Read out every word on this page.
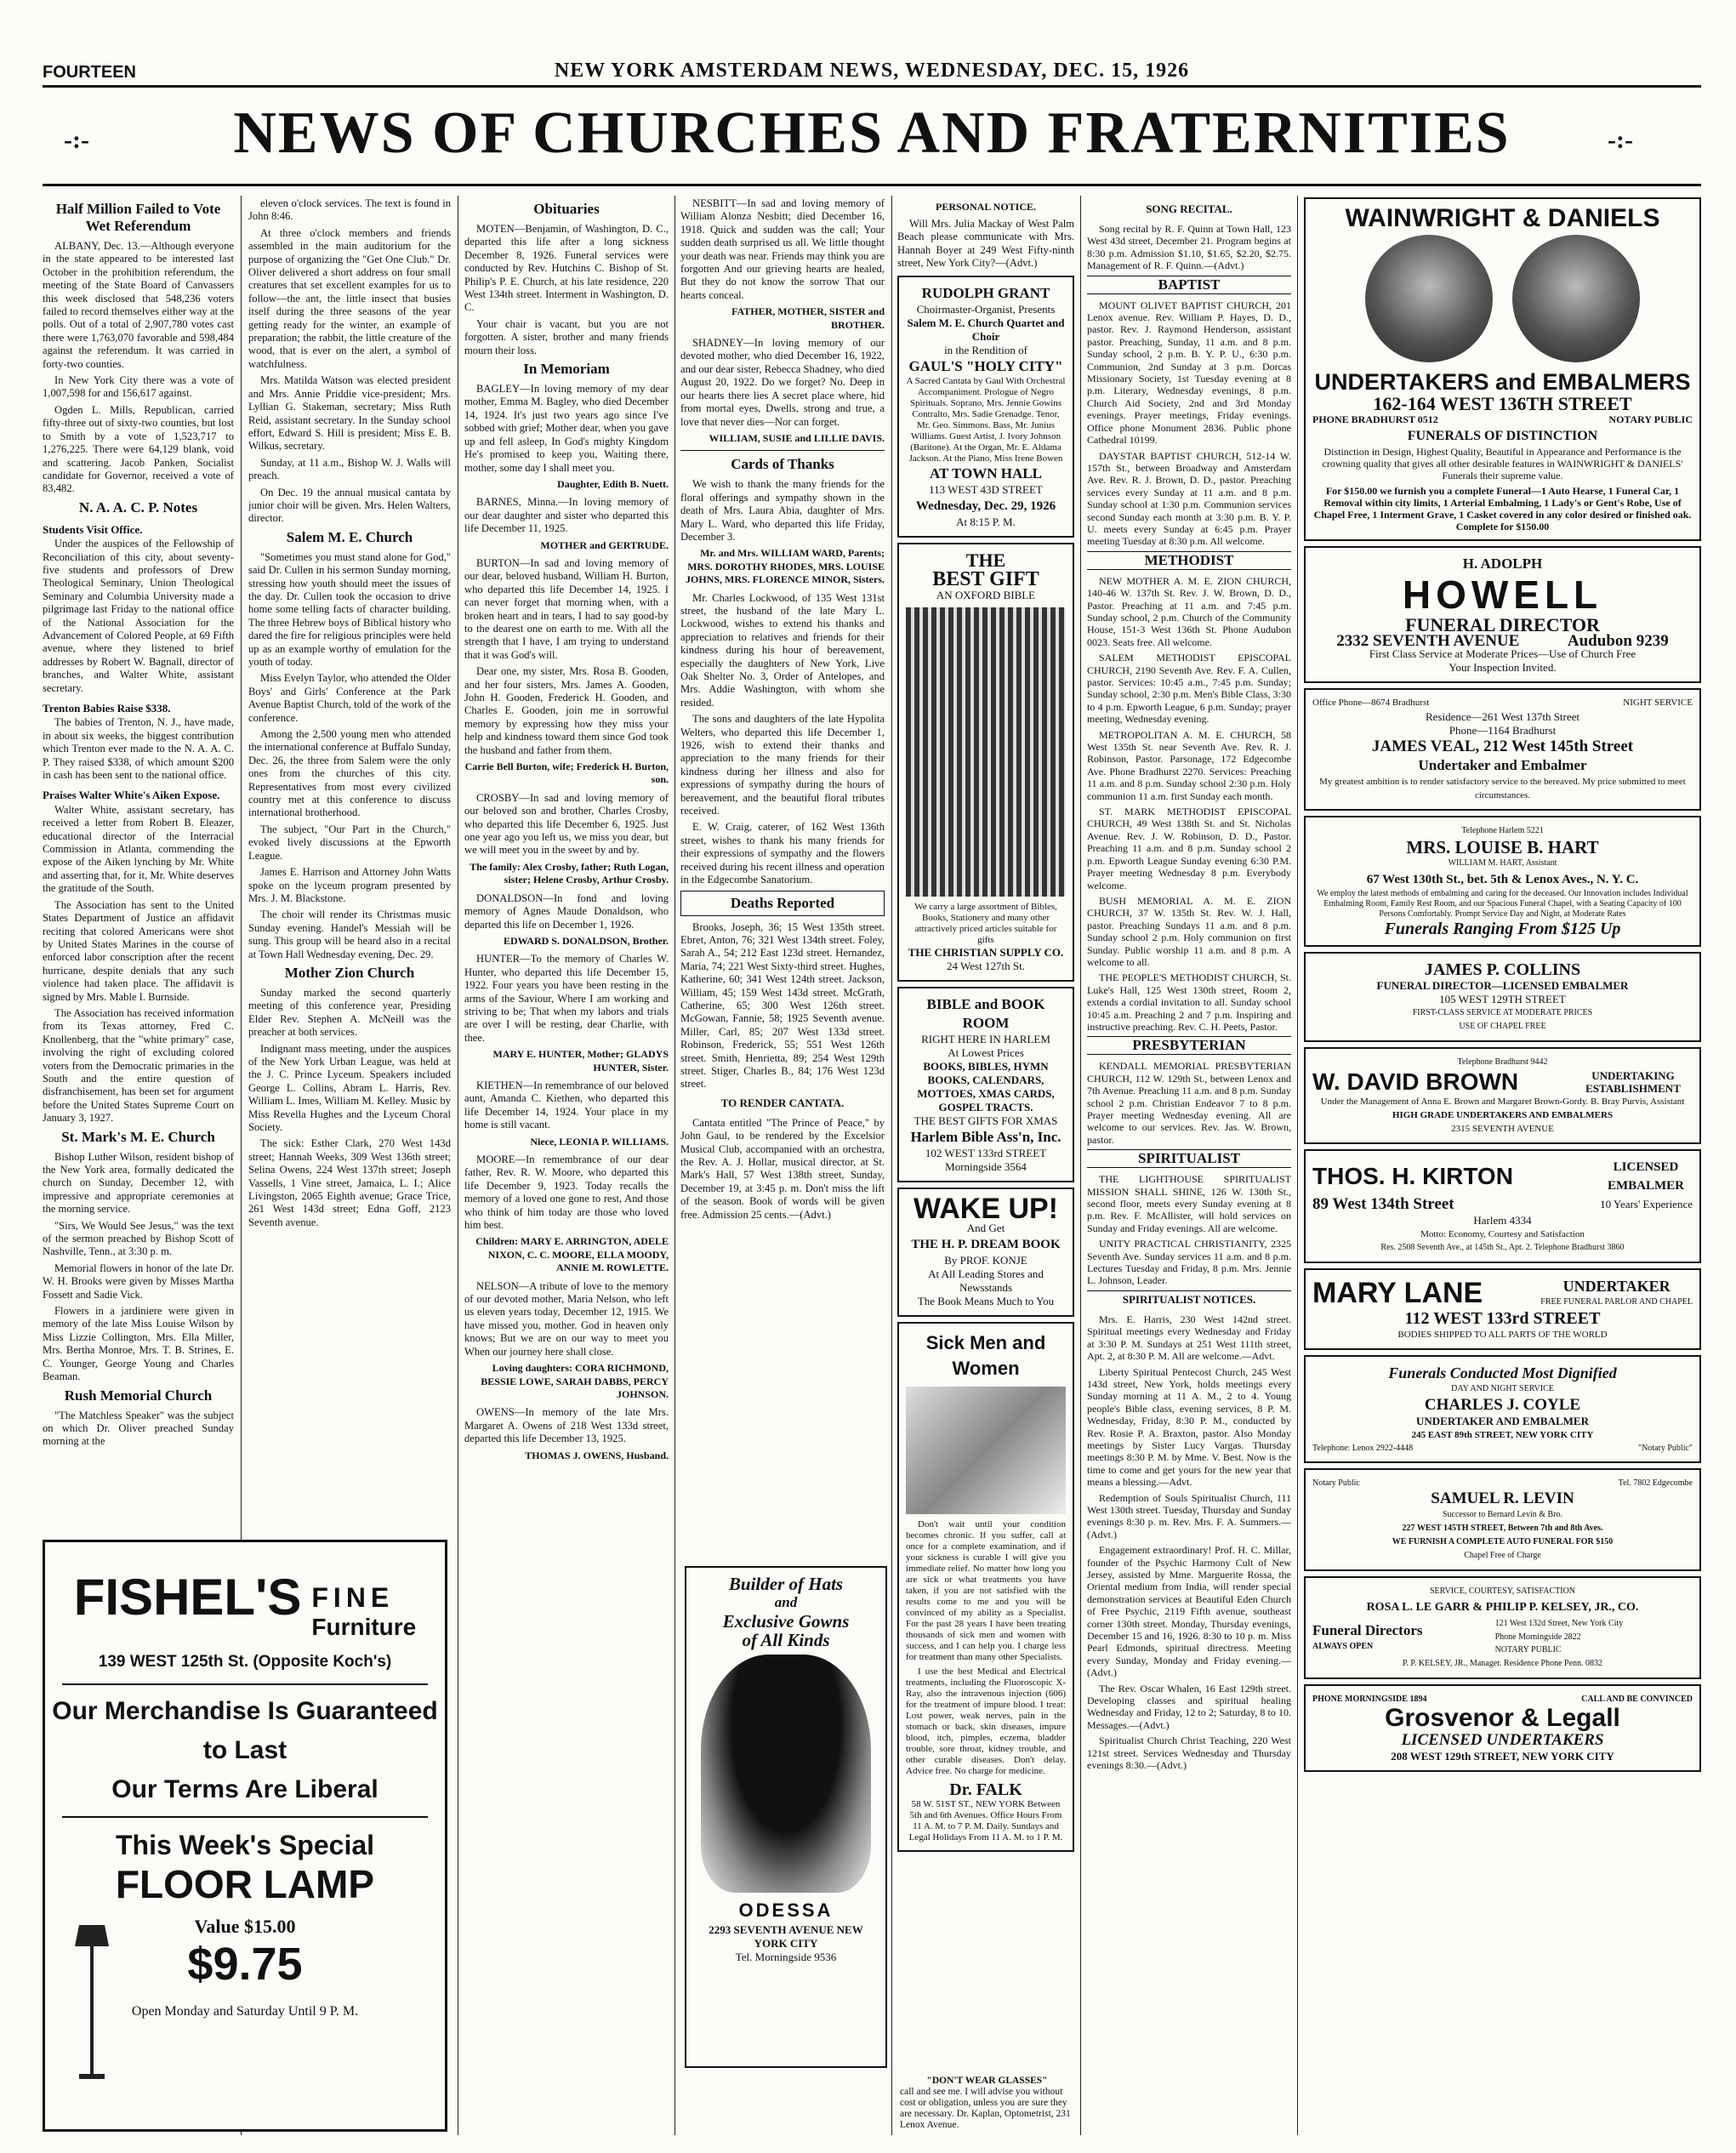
FOURTEEN	NEW YORK AMSTERDAM NEWS, WEDNESDAY, DEC. 15, 1926
-:-	NEWS OF CHURCHES AND FRATERNITIES	-:-
Half Million Failed to Vote Wet Referendum

ALBANY, Dec. 13.—Although everyone in the state appeared to be interested last October in the prohibition referendum, the meeting of the State Board of Canvassers this week disclosed that 548,236 voters failed to record themselves either way at the polls. Out of a total of 2,907,780 votes cast there were 1,763,070 favorable and 598,484 against the referendum. It was carried in forty-two counties.

In New York City there was a vote of 1,007,598 for and 156,617 against.

Ogden L. Mills, Republican, carried fifty-three out of sixty-two counties, but lost to Smith by a vote of 1,523,717 to 1,276,225. There were 64,129 blank, void and scattering. Jacob Panken, Socialist candidate for Governor, received a vote of 83,482.

N. A. A. C. P. Notes
Students Visit Office.

Under the auspices of the Fellowship of Reconciliation of this city, about seventy-five students and professors of Drew Theological Seminary, Union Theological Seminary and Columbia University made a pilgrimage last Friday to the national office of the National Association for the Advancement of Colored People, at 69 Fifth avenue, where they listened to brief addresses by Robert W. Bagnall, director of branches, and Walter White, assistant secretary.

Trenton Babies Raise $338.

The babies of Trenton, N. J., have made, in about six weeks, the biggest contribution which Trenton ever made to the N. A. A. C. P. They raised $338, of which amount $200 in cash has been sent to the national office.

Praises Walter White's Aiken Expose.

Walter White, assistant secretary, has received a letter from Robert B. Eleazer, educational director of the Interracial Commission in Atlanta, commending the expose of the Aiken lynching by Mr. White and asserting that, for it, Mr. White deserves the gratitude of the South.

The Association has sent to the United States Department of Justice an affidavit reciting that colored Americans were shot by United States Marines in the course of enforced labor conscription after the recent hurricane, despite denials that any such violence had taken place. The affidavit is signed by Mrs. Mable I. Burnside.

The Association has received information from its Texas attorney, Fred C. Knollenberg, that the "white primary" case, involving the right of excluding colored voters from the Democratic primaries in the South and the entire question of disfranchisement, has been set for argument before the United States Supreme Court on January 3, 1927.

St. Mark's M. E. Church

Bishop Luther Wilson, resident bishop of the New York area, formally dedicated the church on Sunday, December 12, with impressive and appropriate ceremonies at the morning service.

"Sirs, We Would See Jesus," was the text of the sermon preached by Bishop Scott of Nashville, Tenn., at 3:30 p. m.

Memorial flowers in honor of the late Dr. W. H. Brooks were given by Misses Martha Fossett and Sadie Vick.

Flowers in a jardiniere were given in memory of the late Miss Louise Wilson by Miss Lizzie Collington, Mrs. Ella Miller, Mrs. Bertha Monroe, Mrs. T. B. Strines, E. C. Younger, George Young and Charles Beaman.

Rush Memorial Church

"The Matchless Speaker" was the subject on which Dr. Oliver preached Sunday morning at the

eleven o'clock services. The text is found in John 8:46.

At three o'clock members and friends assembled in the main auditorium for the purpose of organizing the "Get One Club." Dr. Oliver delivered a short address on four small creatures that set excellent examples for us to follow—the ant, the little insect that busies itself during the three seasons of the year getting ready for the winter, an example of preparation; the rabbit, the little creature of the wood, that is ever on the alert, a symbol of watchfulness.

Mrs. Matilda Watson was elected president and Mrs. Annie Priddie vice-president; Mrs. Lyllian G. Stakeman, secretary; Miss Ruth Reid, assistant secretary. In the Sunday school effort, Edward S. Hill is president; Miss E. B. Wilkus, secretary.

Sunday, at 11 a.m., Bishop W. J. Walls will preach.

On Dec. 19 the annual musical cantata by junior choir will be given. Mrs. Helen Walters, director.

Salem M. E. Church

"Sometimes you must stand alone for God," said Dr. Cullen in his sermon Sunday morning, stressing how youth should meet the issues of the day. Dr. Cullen took the occasion to drive home some telling facts of character building. The three Hebrew boys of Biblical history who dared the fire for religious principles were held up as an example worthy of emulation for the youth of today.

Miss Evelyn Taylor, who attended the Older Boys' and Girls' Conference at the Park Avenue Baptist Church, told of the work of the conference.

Among the 2,500 young men who attended the international conference at Buffalo Sunday, Dec. 26, the three from Salem were the only ones from the churches of this city. Representatives from most every civilized country met at this conference to discuss international brotherhood.

The subject, "Our Part in the Church," evoked lively discussions at the Epworth League.

James E. Harrison and Attorney John Watts spoke on the lyceum program presented by Mrs. J. M. Blackstone.

The choir will render its Christmas music Sunday evening. Handel's Messiah will be sung. This group will be heard also in a recital at Town Hall Wednesday evening, Dec. 29.

Mother Zion Church

Sunday marked the second quarterly meeting of this conference year, Presiding Elder Rev. Stephen A. McNeill was the preacher at both services.

Indignant mass meeting, under the auspices of the New York Urban League, was held at the J. C. Prince Lyceum. Speakers included George L. Collins, Abram L. Harris, Rev. William L. Imes, William M. Kelley. Music by Miss Revella Hughes and the Lyceum Choral Society.

The sick: Esther Clark, 270 West 143d street; Hannah Weeks, 309 West 136th street; Selina Owens, 224 West 137th street; Joseph Vassells, 1 Vine street, Jamaica, L. I.; Alice Livingston, 2065 Eighth avenue; Grace Trice, 261 West 143d street; Edna Goff, 2123 Seventh avenue.

FISHEL'S FINE
Furniture
139 WEST 125th St. (Opposite Koch's)
Our Merchandise Is Guaranteed
to Last
Our Terms Are Liberal
This Week's Special
FLOOR LAMP
Value $15.00
$9.75
Open Monday and Saturday Until 9 P. M.
Obituaries

MOTEN—Benjamin, of Washington, D. C., departed this life after a long sickness December 8, 1926. Funeral services were conducted by Rev. Hutchins C. Bishop of St. Philip's P. E. Church, at his late residence, 220 West 134th street. Interment in Washington, D. C.

Your chair is vacant, but you are not forgotten. A sister, brother and many friends mourn their loss.

In Memoriam

BAGLEY—In loving memory of my dear mother, Emma M. Bagley, who died December 14, 1924. It's just two years ago since I've sobbed with grief; Mother dear, when you gave up and fell asleep, In God's mighty Kingdom He's promised to keep you, Waiting there, mother, some day I shall meet you.

Daughter, Edith B. Nuett.

BARNES, Minna.—In loving memory of our dear daughter and sister who departed this life December 11, 1925.

MOTHER and GERTRUDE.

BURTON—In sad and loving memory of our dear, beloved husband, William H. Burton, who departed this life December 14, 1925. I can never forget that morning when, with a broken heart and in tears, I had to say good-by to the dearest one on earth to me. With all the strength that I have, I am trying to understand that it was God's will.

Dear one, my sister, Mrs. Rosa B. Gooden, and her four sisters, Mrs. James A. Gooden, John H. Gooden, Frederick H. Gooden, and Charles E. Gooden, join me in sorrowful memory by expressing how they miss your help and kindness toward them since God took the husband and father from them.

Carrie Bell Burton, wife; Frederick H. Burton, son.

CROSBY—In sad and loving memory of our beloved son and brother, Charles Crosby, who departed this life December 6, 1925. Just one year ago you left us, we miss you dear, but we will meet you in the sweet by and by.

The family: Alex Crosby, father; Ruth Logan, sister; Helene Crosby, Arthur Crosby.

DONALDSON—In fond and loving memory of Agnes Maude Donaldson, who departed this life on December 1, 1926.

EDWARD S. DONALDSON, Brother.

HUNTER—To the memory of Charles W. Hunter, who departed this life December 15, 1922. Four years you have been resting in the arms of the Saviour, Where I am working and striving to be; That when my labors and trials are over I will be resting, dear Charlie, with thee.

MARY E. HUNTER, Mother; GLADYS HUNTER, Sister.

KIETHEN—In remembrance of our beloved aunt, Amanda C. Kiethen, who departed this life December 14, 1924. Your place in my home is still vacant.

Niece, LEONIA P. WILLIAMS.

MOORE—In remembrance of our dear father, Rev. R. W. Moore, who departed this life December 9, 1923. Today recalls the memory of a loved one gone to rest, And those who think of him today are those who loved him best.

Children: MARY E. ARRINGTON, ADELE NIXON, C. C. MOORE, ELLA MOODY, ANNIE M. ROWLETTE.

NELSON—A tribute of love to the memory of our devoted mother, Maria Nelson, who left us eleven years today, December 12, 1915. We have missed you, mother. God in heaven only knows; But we are on our way to meet you When our journey here shall close.

Loving daughters: CORA RICHMOND, BESSIE LOWE, SARAH DABBS, PERCY JOHNSON.

OWENS—In memory of the late Mrs. Margaret A. Owens of 218 West 133d street, departed this life December 13, 1925.

THOMAS J. OWENS, Husband.

NESBITT—In sad and loving memory of William Alonza Nesbitt; died December 16, 1918. Quick and sudden was the call; Your sudden death surprised us all. We little thought your death was near. Friends may think you are forgotten And our grieving hearts are healed, But they do not know the sorrow That our hearts conceal.

FATHER, MOTHER, SISTER and BROTHER.

SHADNEY—In loving memory of our devoted mother, who died December 16, 1922, and our dear sister, Rebecca Shadney, who died August 20, 1922. Do we forget? No. Deep in our hearts there lies A secret place where, hid from mortal eyes, Dwells, strong and true, a love that never dies—Nor can forget.

WILLIAM, SUSIE and LILLIE DAVIS.
Cards of Thanks

We wish to thank the many friends for the floral offerings and sympathy shown in the death of Mrs. Laura Abia, daughter of Mrs. Mary L. Ward, who departed this life Friday, December 3.

Mr. and Mrs. WILLIAM WARD, Parents; MRS. DOROTHY RHODES, MRS. LOUISE JOHNS, MRS. FLORENCE MINOR, Sisters.

Mr. Charles Lockwood, of 135 West 131st street, the husband of the late Mary L. Lockwood, wishes to extend his thanks and appreciation to relatives and friends for their kindness during his hour of bereavement, especially the daughters of New York, Live Oak Shelter No. 3, Order of Antelopes, and Mrs. Addie Washington, with whom she resided.

The sons and daughters of the late Hypolita Welters, who departed this life December 1, 1926, wish to extend their thanks and appreciation to the many friends for their kindness during her illness and also for expressions of sympathy during the hours of bereavement, and the beautiful floral tributes received.

E. W. Craig, caterer, of 162 West 136th street, wishes to thank his many friends for their expressions of sympathy and the flowers received during his recent illness and operation in the Edgecombe Sanatorium.

Deaths Reported

Brooks, Joseph, 36; 15 West 135th street. Ebret, Anton, 76; 321 West 134th street. Foley, Sarah A., 54; 212 East 123d street. Hernandez, Maria, 74; 221 West Sixty-third street. Hughes, Katherine, 60; 341 West 124th street. Jackson, William, 45; 159 West 143d street. McGrath, Catherine, 65; 300 West 126th street. McGowan, Fannie, 58; 1925 Seventh avenue. Miller, Carl, 85; 207 West 133d street. Robinson, Frederick, 55; 551 West 126th street. Smith, Henrietta, 89; 254 West 129th street. Stiger, Charles B., 84; 176 West 123d street.

TO RENDER CANTATA.

Cantata entitled "The Prince of Peace," by John Gaul, to be rendered by the Excelsior Musical Club, accompanied with an orchestra, the Rev. A. J. Hollar, musical director, at St. Mark's Hall, 57 West 138th street, Sunday, December 19, at 3:45 p. m. Don't miss the lift of the season. Book of words will be given free. Admission 25 cents.—(Advt.)

PERSONAL NOTICE.

Will Mrs. Julia Mackay of West Palm Beach please communicate with Mrs. Hannah Boyer at 249 West Fifty-ninth street, New York City?—(Advt.)

RUDOLPH GRANT
Choirmaster-Organist, Presents
Salem M. E. Church Quartet and Choir
in the Rendition of
GAUL'S "HOLY CITY"
A Sacred Cantata by Gaul With Orchestral Accompaniment. Prologue of Negro Spirituals. Soprano, Mrs. Jennie Gowins Contralto, Mrs. Sadie Grenadge. Tenor, Mr. Geo. Simmons. Bass, Mr. Junius Williams. Guest Artist, J. Ivory Johnson (Baritone). At the Organ, Mr. E. Aldama Jackson. At the Piano, Miss Irene Bowen
AT TOWN HALL
113 WEST 43D STREET
Wednesday, Dec. 29, 1926
At 8:15 P. M.
THE
BEST GIFT
AN OXFORD BIBLE
We carry a large assortment of Bibles, Books, Stationery and many other attractively priced articles suitable for gifts
THE CHRISTIAN SUPPLY CO.
24 West 127th St.
BIBLE and BOOK ROOM
RIGHT HERE IN HARLEM
At Lowest Prices
BOOKS, BIBLES, HYMN BOOKS, CALENDARS, MOTTOES, XMAS CARDS, GOSPEL TRACTS.
THE BEST GIFTS FOR XMAS
Harlem Bible Ass'n, Inc.
102 WEST 133rd STREET
Morningside 3564
WAKE UP!
And Get
THE H. P. DREAM BOOK
By PROF. KONJE
At All Leading Stores and Newsstands
The Book Means Much to You
Sick Men and Women

Don't wait until your condition becomes chronic. If you suffer, call at once for a complete examination, and if your sickness is curable I will give you immediate relief. No matter how long you are sick or what treatments you have taken, if you are not satisfied with the results come to me and you will be convinced of my ability as a Specialist. For the past 28 years I have been treating thousands of sick men and women with success, and I can help you. I charge less for treatment than many other Specialists.

I use the best Medical and Electrical treatments, including the Fluoroscopic X-Ray, also the intravenous injection (606) for the treatment of impure blood. I treat: Lost power, weak nerves, pain in the stomach or back, skin diseases, impure blood, itch, pimples, eczema, bladder trouble, sore throat, kidney trouble, and other curable diseases. Don't delay. Advice free. No charge for medicine.

Dr. FALK
58 W. 51ST ST., NEW YORK Between 5th and 6th Avenues. Office Hours From 11 A. M. to 7 P. M. Daily. Sundays and Legal Holidays From 11 A. M. to 1 P. M.
Builder of Hats
and
Exclusive Gowns
of All Kinds
ODESSA
2293 SEVENTH AVENUE NEW YORK CITY
Tel. Morningside 9536
"DON'T WEAR GLASSES"
call and see me. I will advise you without cost or obligation, unless you are sure they are necessary. Dr. Kaplan, Optometrist, 231 Lenox Avenue.
SONG RECITAL.

Song recital by R. F. Quinn at Town Hall, 123 West 43d street, December 21. Program begins at 8:30 p.m. Admission $1.10, $1.65, $2.20, $2.75. Management of R. F. Quinn.—(Advt.)

BAPTIST

MOUNT OLIVET BAPTIST CHURCH, 201 Lenox avenue. Rev. William P. Hayes, D. D., pastor. Rev. J. Raymond Henderson, assistant pastor. Preaching, Sunday, 11 a.m. and 8 p.m. Sunday school, 2 p.m. B. Y. P. U., 6:30 p.m. Communion, 2nd Sunday at 3 p.m. Dorcas Missionary Society, 1st Tuesday evening at 8 p.m. Literary, Wednesday evenings, 8 p.m. Church Aid Society, 2nd and 3rd Monday evenings. Prayer meetings, Friday evenings. Office phone Monument 2836. Public phone Cathedral 10199.

DAYSTAR BAPTIST CHURCH, 512-14 W. 157th St., between Broadway and Amsterdam Ave. Rev. R. J. Brown, D. D., pastor. Preaching services every Sunday at 11 a.m. and 8 p.m. Sunday school at 1:30 p.m. Communion services second Sunday each month at 3:30 p.m. B. Y. P. U. meets every Sunday at 6:45 p.m. Prayer meeting Tuesday at 8:30 p.m. All welcome.

METHODIST

NEW MOTHER A. M. E. ZION CHURCH, 140-46 W. 137th St. Rev. J. W. Brown, D. D., Pastor. Preaching at 11 a.m. and 7:45 p.m. Sunday school, 2 p.m. Church of the Community House, 151-3 West 136th St. Phone Audubon 0023. Seats free. All welcome.

SALEM METHODIST EPISCOPAL CHURCH, 2190 Seventh Ave. Rev. F. A. Cullen, pastor. Services: 10:45 a.m., 7:45 p.m. Sunday; Sunday school, 2:30 p.m. Men's Bible Class, 3:30 to 4 p.m. Epworth League, 6 p.m. Sunday; prayer meeting, Wednesday evening.

METROPOLITAN A. M. E. CHURCH, 58 West 135th St. near Seventh Ave. Rev. R. J. Robinson, Pastor. Parsonage, 172 Edgecombe Ave. Phone Bradhurst 2270. Services: Preaching 11 a.m. and 8 p.m. Sunday school 2:30 p.m. Holy communion 11 a.m. first Sunday each month.

ST. MARK METHODIST EPISCOPAL CHURCH, 49 West 138th St. and St. Nicholas Avenue. Rev. J. W. Robinson, D. D., Pastor. Preaching 11 a.m. and 8 p.m. Sunday school 2 p.m. Epworth League Sunday evening 6:30 P.M. Prayer meeting Wednesday 8 p.m. Everybody welcome.

BUSH MEMORIAL A. M. E. ZION CHURCH, 37 W. 135th St. Rev. W. J. Hall, pastor. Preaching Sundays 11 a.m. and 8 p.m. Sunday school 2 p.m. Holy communion on first Sunday. Public worship 11 a.m. and 8 p.m. A welcome to all.

THE PEOPLE'S METHODIST CHURCH, St. Luke's Hall, 125 West 130th street, Room 2, extends a cordial invitation to all. Sunday school 10:45 a.m. Preaching 2 and 7 p.m. Inspiring and instructive preaching. Rev. C. H. Peets, Pastor.

PRESBYTERIAN

KENDALL MEMORIAL PRESBYTERIAN CHURCH, 112 W. 129th St., between Lenox and 7th Avenue. Preaching 11 a.m. and 8 p.m. Sunday school 2 p.m. Christian Endeavor 7 to 8 p.m. Prayer meeting Wednesday evening. All are welcome to our services. Rev. Jas. W. Brown, pastor.

SPIRITUALIST

THE LIGHTHOUSE SPIRITUALIST MISSION SHALL SHINE, 126 W. 130th St., second floor, meets every Sunday evening at 8 p.m. Rev. F. McAllister, will hold services on Sunday and Friday evenings. All are welcome.

UNITY PRACTICAL CHRISTIANITY, 2325 Seventh Ave. Sunday services 11 a.m. and 8 p.m. Lectures Tuesday and Friday, 8 p.m. Mrs. Jennie L. Johnson, Leader.

SPIRITUALIST NOTICES.

Mrs. E. Harris, 230 West 142nd street. Spiritual meetings every Wednesday and Friday at 3:30 P. M. Sundays at 251 West 111th street, Apt. 2, at 8:30 P. M. All are welcome.—Advt.

Liberty Spiritual Pentecost Church, 245 West 143d street, New York, holds meetings every Sunday morning at 11 A. M., 2 to 4. Young people's Bible class, evening services, 8 P. M. Wednesday, Friday, 8:30 P. M., conducted by Rev. Rosie P. A. Braxton, pastor. Also Monday meetings by Sister Lucy Vargas. Thursday meetings 8:30 P. M. by Mme. V. Best. Now is the time to come and get yours for the new year that means a blessing.—Advt.

Redemption of Souls Spiritualist Church, 111 West 130th street. Tuesday, Thursday and Sunday evenings 8:30 p. m. Rev. Mrs. F. A. Summers.—(Advt.)

Engagement extraordinary! Prof. H. C. Millar, founder of the Psychic Harmony Cult of New Jersey, assisted by Mme. Marguerite Rossa, the Oriental medium from India, will render special demonstration services at Beautiful Eden Church of Free Psychic, 2119 Fifth avenue, southeast corner 130th street. Monday, Thursday evenings, December 15 and 16, 1926. 8:30 to 10 p. m. Miss Pearl Edmonds, spiritual directress. Meeting every Sunday, Monday and Friday evening.—(Advt.)

The Rev. Oscar Whalen, 16 East 129th street. Developing classes and spiritual healing Wednesday and Friday, 12 to 2; Saturday, 8 to 10. Messages.—(Advt.)

Spiritualist Church Christ Teaching, 220 West 121st street. Services Wednesday and Thursday evenings 8:30.—(Advt.)

WAINWRIGHT & DANIELS

UNDERTAKERS and EMBALMERS
162-164 WEST 136TH STREET
PHONE BRADHURST 0512	NOTARY PUBLIC
FUNERALS OF DISTINCTION
Distinction in Design, Highest Quality, Beautiful in Appearance and Performance is the crowning quality that gives all other desirable features in WAINWRIGHT & DANIELS' Funerals their supreme value.
For $150.00 we furnish you a complete Funeral—1 Auto Hearse, 1 Funeral Car, 1 Removal within city limits, 1 Arterial Embalming, 1 Lady's or Gent's Robe, Use of Chapel Free, 1 Interment Grave, 1 Casket covered in any color desired or finished oak. Complete for $150.00
H. ADOLPH
HOWELL
FUNERAL DIRECTOR
2332 SEVENTH AVENUE	Audubon 9239
First Class Service at Moderate Prices—Use of Church Free
Your Inspection Invited.
Office Phone—8674 Bradhurst	NIGHT SERVICE
Residence—261 West 137th Street
Phone—1164 Bradhurst
JAMES VEAL, 212 West 145th Street
Undertaker and Embalmer
My greatest ambition is to render satisfactory service to the bereaved. My price submitted to meet circumstances.
Telephone Harlem 5221
MRS. LOUISE B. HART
WILLIAM M. HART, Assistant
67 West 130th St., bet. 5th & Lenox Aves., N. Y. C.
We employ the latest methods of embalming and caring for the deceased. Our Innovation includes Individual Embalming Room, Family Rest Room, and our Spacious Funeral Chapel, with a Seating Capacity of 100 Persons Comfortably. Prompt Service Day and Night, at Moderate Rates
Funerals Ranging From $125 Up
JAMES P. COLLINS
FUNERAL DIRECTOR—LICENSED EMBALMER
105 WEST 129TH STREET
FIRST-CLASS SERVICE AT MODERATE PRICES
USE OF CHAPEL FREE
Telephone Bradhurst 9442
W. DAVID BROWN	UNDERTAKING ESTABLISHMENT
Under the Management of Anna E. Brown and Margaret Brown-Gordy. B. Bray Purvis, Assistant
HIGH GRADE UNDERTAKERS AND EMBALMERS
2315 SEVENTH AVENUE
THOS. H. KIRTON	LICENSED EMBALMER
89 West 134th Street	10 Years' Experience
Harlem 4334
Motto: Economy, Courtesy and Satisfaction
Res. 2508 Seventh Ave., at 145th St., Apt. 2. Telephone Bradhurst 3860
MARY LANE	UNDERTAKER
FREE FUNERAL PARLOR AND CHAPEL
112 WEST 133rd STREET
BODIES SHIPPED TO ALL PARTS OF THE WORLD
Funerals Conducted Most Dignified
DAY AND NIGHT SERVICE
CHARLES J. COYLE
UNDERTAKER AND EMBALMER
245 EAST 89th STREET, NEW YORK CITY
Telephone: Lenox 2922-4448	"Notary Public"
Notary Public	Tel. 7802 Edgecombe
SAMUEL R. LEVIN
Successor to Bernard Levin & Bro.
227 WEST 145TH STREET, Between 7th and 8th Aves.
WE FURNISH A COMPLETE AUTO FUNERAL FOR $150
Chapel Free of Charge
SERVICE, COURTESY, SATISFACTION
ROSA L. LE GARR & PHILIP P. KELSEY, JR., CO.
Funeral Directors
ALWAYS OPEN
121 West 132d Street, New York City
Phone Morningside 2822
NOTARY PUBLIC
P. P. KELSEY, JR., Manager. Residence Phone Penn. 0832
PHONE MORNINGSIDE 1894	CALL AND BE CONVINCED
Grosvenor & Legall
LICENSED UNDERTAKERS
208 WEST 129th STREET, NEW YORK CITY
